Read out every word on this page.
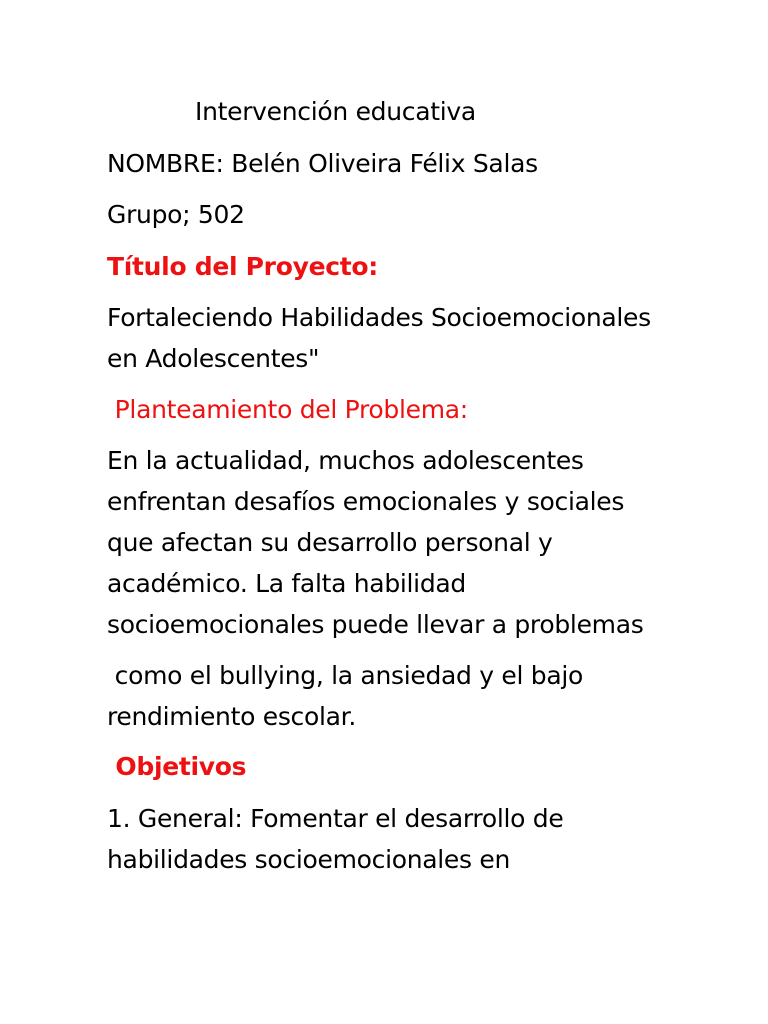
Intervención educativa
NOMBRE: Belén Oliveira Félix Salas
Grupo; 502
Título del Proyecto:
Fortaleciendo Habilidades Socioemocionales
en Adolescentes"
Planteamiento del Problema:
En la actualidad, muchos adolescentes
enfrentan desafíos emocionales y sociales
que afectan su desarrollo personal y
académico. La falta habilidad
socioemocionales puede llevar a problemas
como el bullying, la ansiedad y el bajo
rendimiento escolar.
Objetivos
1. General: Fomentar el desarrollo de
habilidades socioemocionales en
